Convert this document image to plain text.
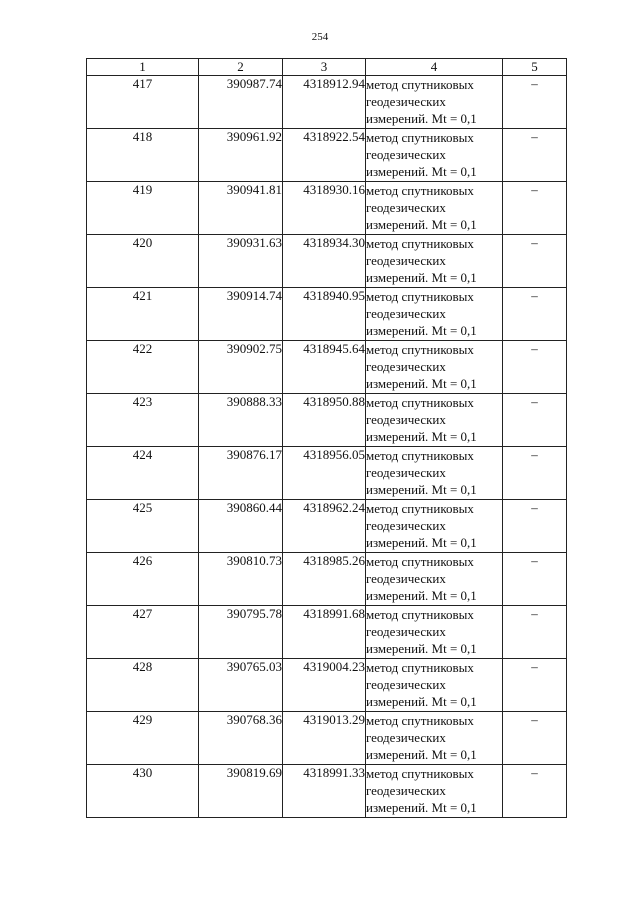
254
1	2	3	4	5
417	390987.74	4318912.94	метод спутниковых
геодезических
измерений. Mt = 0,1	–
418	390961.92	4318922.54	метод спутниковых
геодезических
измерений. Mt = 0,1	–
419	390941.81	4318930.16	метод спутниковых
геодезических
измерений. Mt = 0,1	–
420	390931.63	4318934.30	метод спутниковых
геодезических
измерений. Mt = 0,1	–
421	390914.74	4318940.95	метод спутниковых
геодезических
измерений. Mt = 0,1	–
422	390902.75	4318945.64	метод спутниковых
геодезических
измерений. Mt = 0,1	–
423	390888.33	4318950.88	метод спутниковых
геодезических
измерений. Mt = 0,1	–
424	390876.17	4318956.05	метод спутниковых
геодезических
измерений. Mt = 0,1	–
425	390860.44	4318962.24	метод спутниковых
геодезических
измерений. Mt = 0,1	–
426	390810.73	4318985.26	метод спутниковых
геодезических
измерений. Mt = 0,1	–
427	390795.78	4318991.68	метод спутниковых
геодезических
измерений. Mt = 0,1	–
428	390765.03	4319004.23	метод спутниковых
геодезических
измерений. Mt = 0,1	–
429	390768.36	4319013.29	метод спутниковых
геодезических
измерений. Mt = 0,1	–
430	390819.69	4318991.33	метод спутниковых
геодезических
измерений. Mt = 0,1	–
